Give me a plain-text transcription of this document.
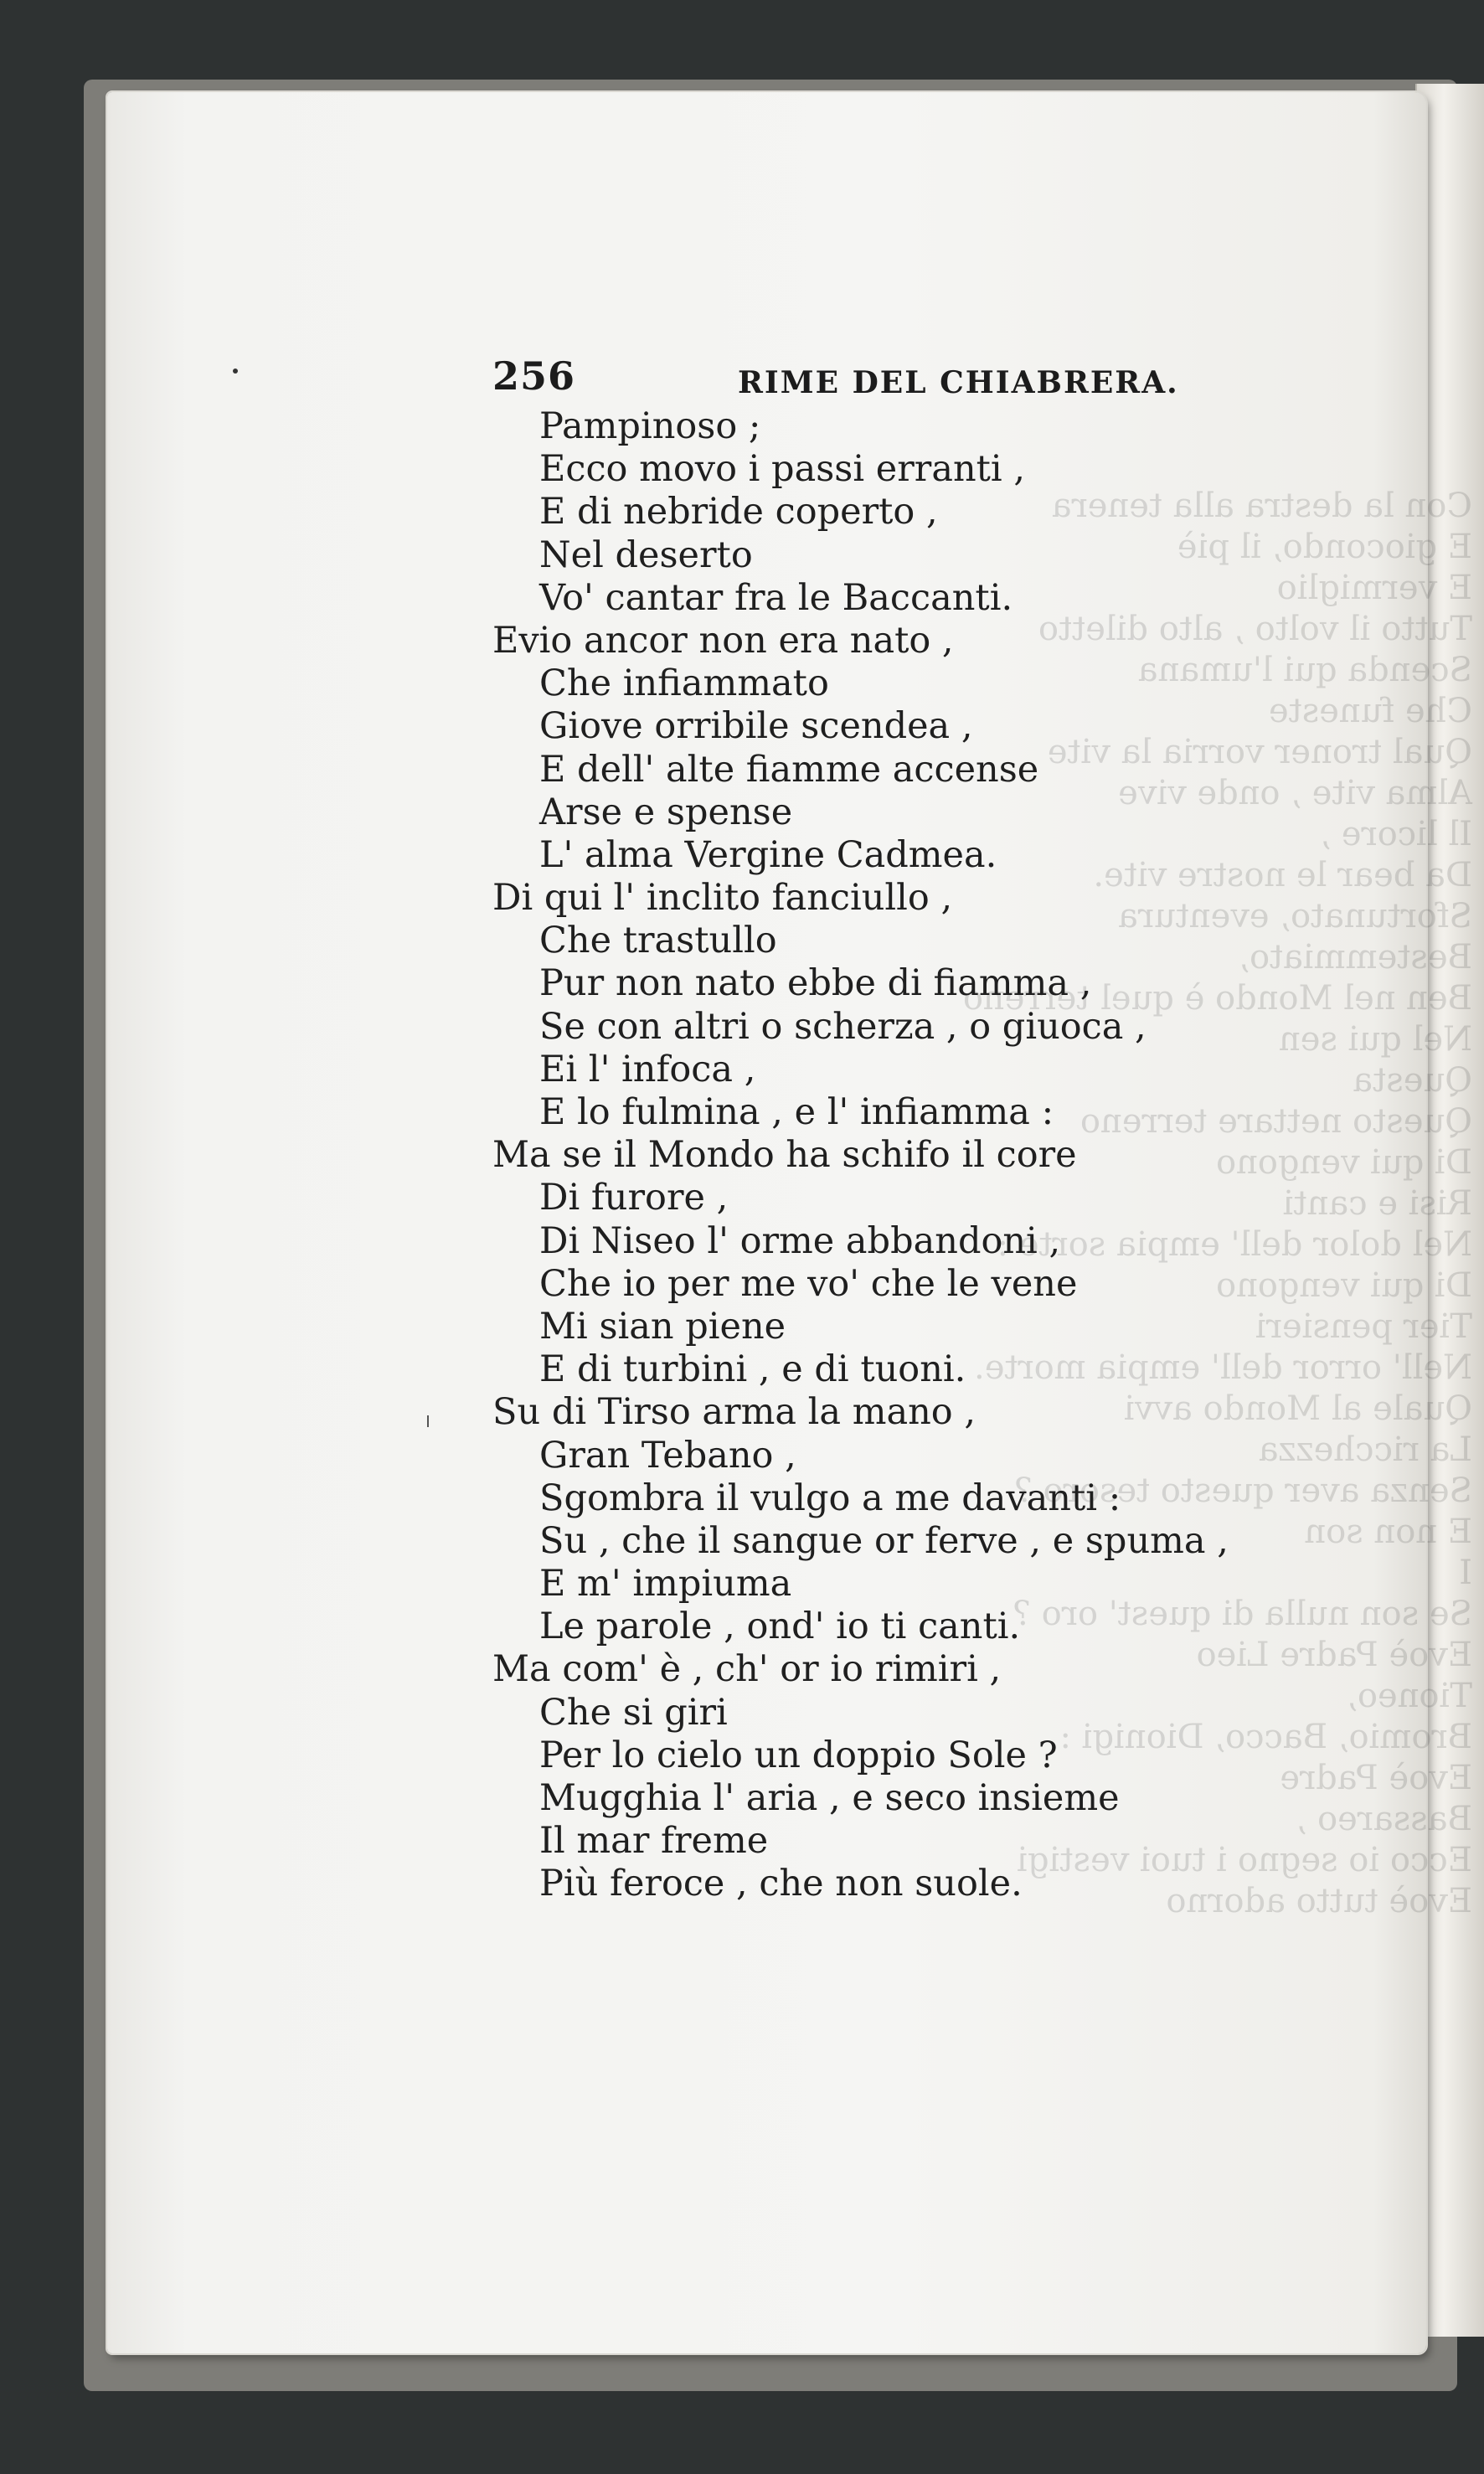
Con la destra alla tenera
E giocondo, il piè
E vermiglio
Tutto il volto , alto diletto
Scenda qui l'umana
Che funeste
Qual troner vorria la vite
Alma vite , onde vive
Il licore ,
Da bear le nostre vite.
Sfortunato, eventura
Bestemmiato,
Ben nel Mondo è quel terreno
Nel qui sen
Questa
Questo nettare terreno
Di qui vengono
Risi e canti
Nel dolor dell' empia sorte :
Di qui vengono
Tier pensieri
Nell' orror dell' empia morte.
Quale al Mondo avvi
La ricchezza
Senza aver questo tesoro ?
E non son
I
Se son nulla di quest' oro ?
Evoè Padre Lieo
Tioneo,
Bromio, Bacco, Dionigi :
Evoè Padre
Bassareo ,
Ecco io segno i tuoi vestigi
Evoè tutto adorno
256	RIME DEL CHIABRERA.
Pampinoso ;
Ecco movo i passi erranti ,
E di nebride coperto ,
Nel deserto
Vo' cantar fra le Baccanti.
Evio ancor non era nato ,
Che infiammato
Giove orribile scendea ,
E dell' alte fiamme accense
Arse e spense
L' alma Vergine Cadmea.
Di qui l' inclito fanciullo ,
Che trastullo
Pur non nato ebbe di fiamma ,
Se con altri o scherza , o giuoca ,
Ei l' infoca ,
E lo fulmina , e l' infiamma :
Ma se il Mondo ha schifo il core
Di furore ,
Di Niseo l' orme abbandoni ,
Che io per me vo' che le vene
Mi sian piene
E di turbini , e di tuoni.
Su di Tirso arma la mano ,
Gran Tebano ,
Sgombra il vulgo a me davanti :
Su , che il sangue or ferve , e spuma ,
E m' impiuma
Le parole , ond' io ti canti.
Ma com' è , ch' or io rimiri ,
Che si giri
Per lo cielo un doppio Sole ?
Mugghia l' aria , e seco insieme
Il mar freme
Più feroce , che non suole.
